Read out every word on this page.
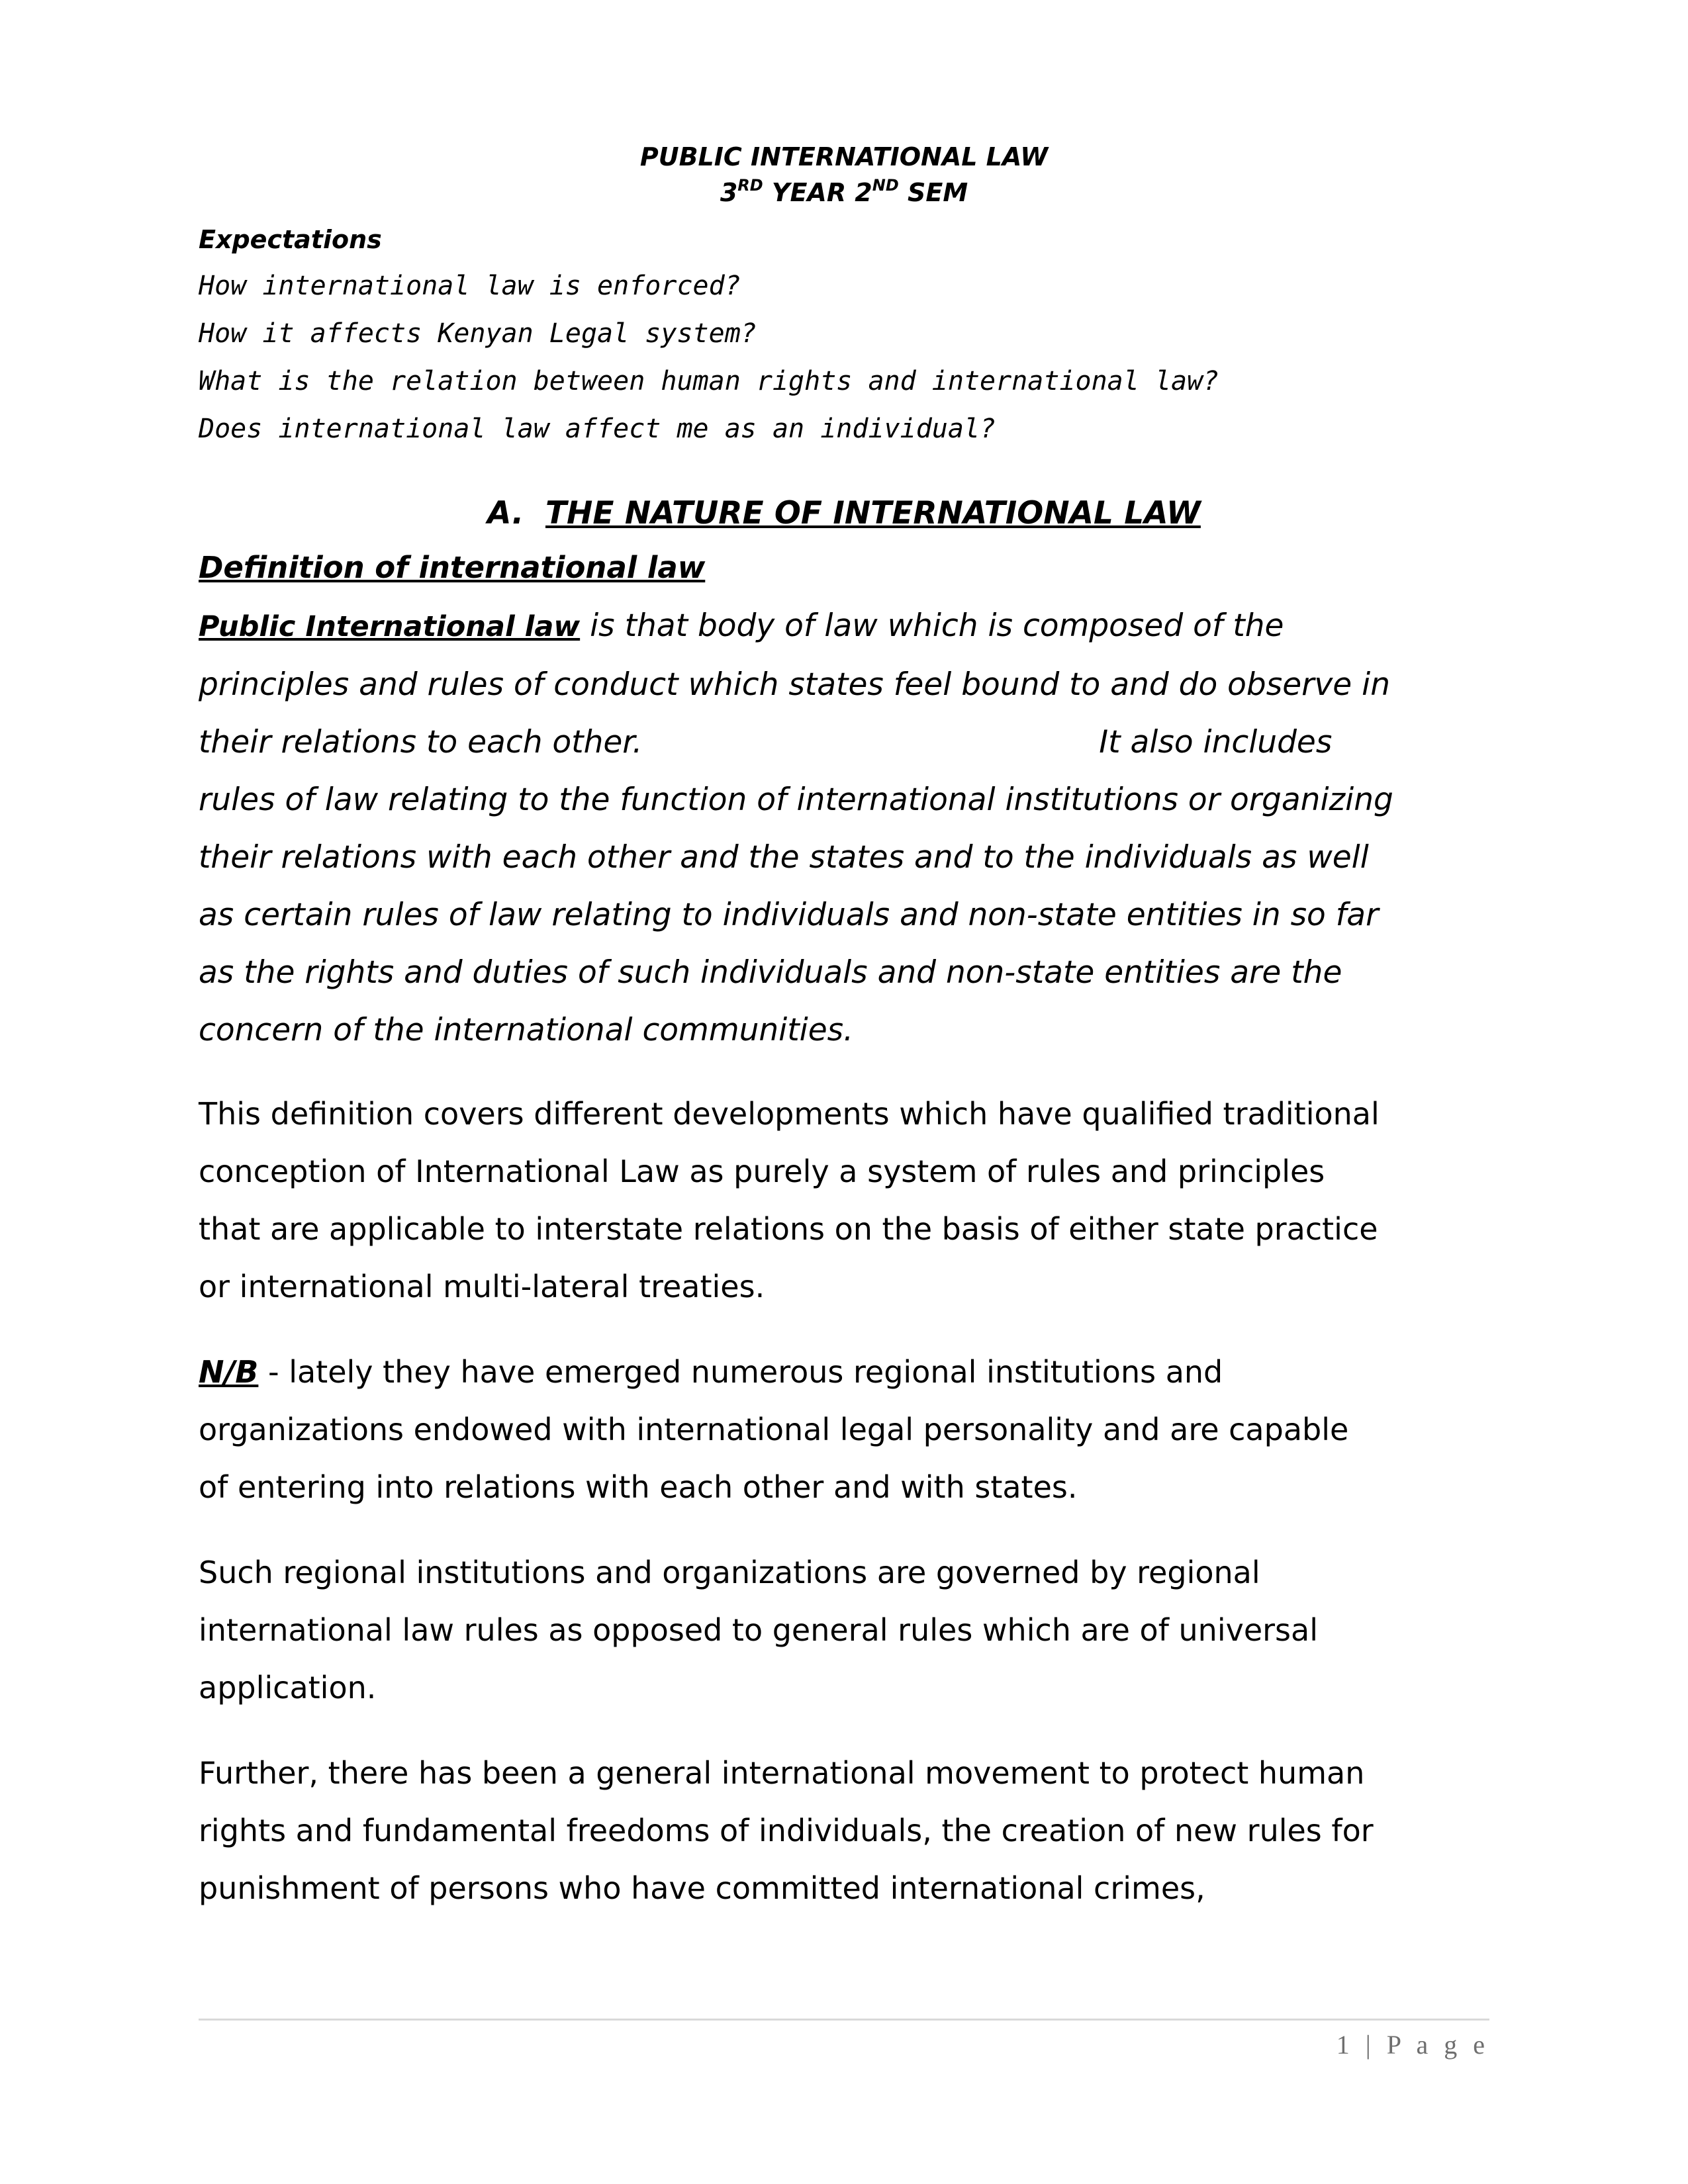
PUBLIC INTERNATIONAL LAW

3RD YEAR 2ND SEM

Expectations

How international law is enforced?
How it affects Kenyan Legal system?
What is the relation between human rights and international law?
Does international law affect me as an individual?

A. THE NATURE OF INTERNATIONAL LAW

Definition of international law

Public International law is that body of law which is composed of the

principles and rules of conduct which states feel bound to and do observe in

their relations to each other.	It also includes

rules of law relating to the function of international institutions or organizing

their relations with each other and the states and to the individuals as well

as certain rules of law relating to individuals and non-state entities in so far

as the rights and duties of such individuals and non-state entities are the

concern of the international communities.

This definition covers different developments which have qualified traditional
conception of International Law as purely a system of rules and principles
that are applicable to interstate relations on the basis of either state practice
or international multi-lateral treaties.

N/B - lately they have emerged numerous regional institutions and
organizations endowed with international legal personality and are capable
of entering into relations with each other and with states.

Such regional institutions and organizations are governed by regional
international law rules as opposed to general rules which are of universal
application.

Further, there has been a general international movement to protect human
rights and fundamental freedoms of individuals, the creation of new rules for
punishment of persons who have committed international crimes,

1 | P a g e
